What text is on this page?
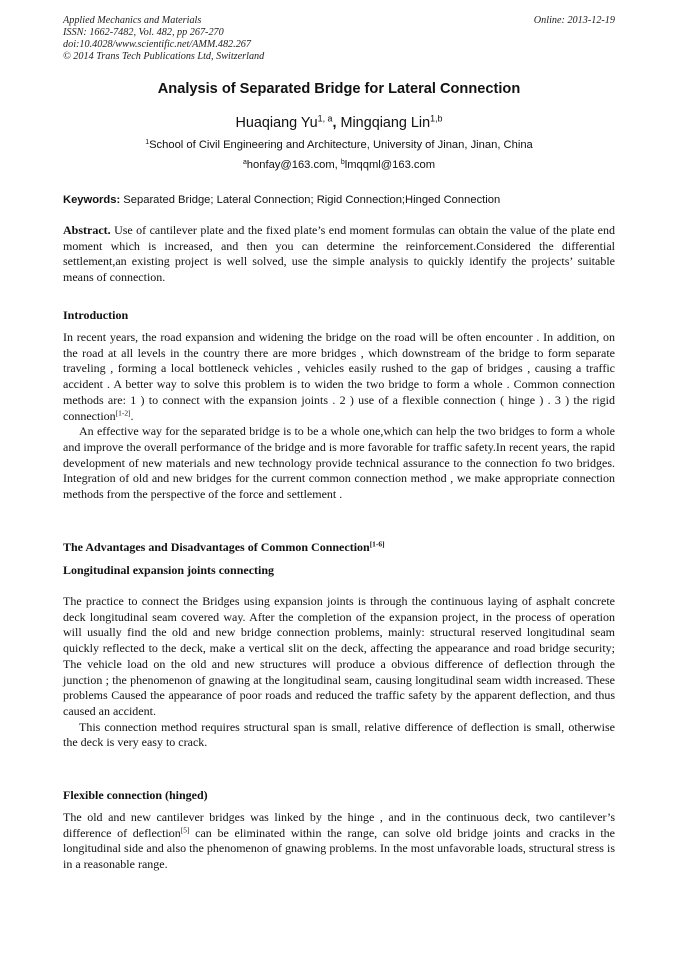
Applied Mechanics and Materials
ISSN: 1662-7482, Vol. 482, pp 267-270
doi:10.4028/www.scientific.net/AMM.482.267
© 2014 Trans Tech Publications Ltd, Switzerland
Online: 2013-12-19
Analysis of Separated Bridge for Lateral Connection
Huaqiang Yu$^{1, a}$, Mingqiang Lin$^{1,b}$
$^1$School of Civil Engineering and Architecture, University of Jinan, Jinan, China
$^a$honfay@163.com, $^b$lmqqml@163.com
Keywords: Separated Bridge; Lateral Connection; Rigid Connection;Hinged Connection

Abstract. Use of cantilever plate and the fixed plate’s end moment formulas can obtain the value of the plate end moment which is increased, and then you can determine the reinforcement.Considered the differential settlement,an existing project is well solved, use the simple analysis to quickly identify the projects’ suitable means of connection.

Introduction

In recent years, the road expansion and widening the bridge on the road will be often encounter . In addition, on the road at all levels in the country there are more bridges , which downstream of the bridge to form separate traveling , forming a local bottleneck vehicles , vehicles easily rushed to the gap of bridges , causing a traffic accident . A better way to solve this problem is to widen the two bridge to form a whole . Common connection methods are: 1 ) to connect with the expansion joints . 2 ) use of a flexible connection ( hinge ) . 3 ) the rigid connection[1-2].

An effective way for the separated bridge is to be a whole one,which can help the two bridges to form a whole and improve the overall performance of the bridge and is more favorable for traffic safety.In recent years, the rapid development of new materials and new technology provide technical assurance to the connection fo two bridges. Integration of old and new bridges for the current common connection method , we make appropriate connection methods from the perspective of the force and settlement .

The Advantages and Disadvantages of Common Connection[1-6]
Longitudinal expansion joints connecting

The practice to connect the Bridges using expansion joints is through the continuous laying of asphalt concrete deck longitudinal seam covered way. After the completion of the expansion project, in the process of operation will usually find the old and new bridge connection problems, mainly: structural reserved longitudinal seam quickly reflected to the deck, make a vertical slit on the deck, affecting the appearance and road bridge security; The vehicle load on the old and new structures will produce a obvious difference of deflection through the junction ; the phenomenon of gnawing at the longitudinal seam, causing longitudinal seam width increased. These problems Caused the appearance of poor roads and reduced the traffic safety by the apparent deflection, and thus caused an accident.

This connection method requires structural span is small, relative difference of deflection is small, otherwise the deck is very easy to crack.

Flexible connection (hinged)

The old and new cantilever bridges was linked by the hinge , and in the continuous deck, two cantilever’s difference of deflection[5] can be eliminated within the range, can solve old bridge joints and cracks in the longitudinal side and also the phenomenon of gnawing problems. In the most unfavorable loads, structural stress is in a reasonable range.
